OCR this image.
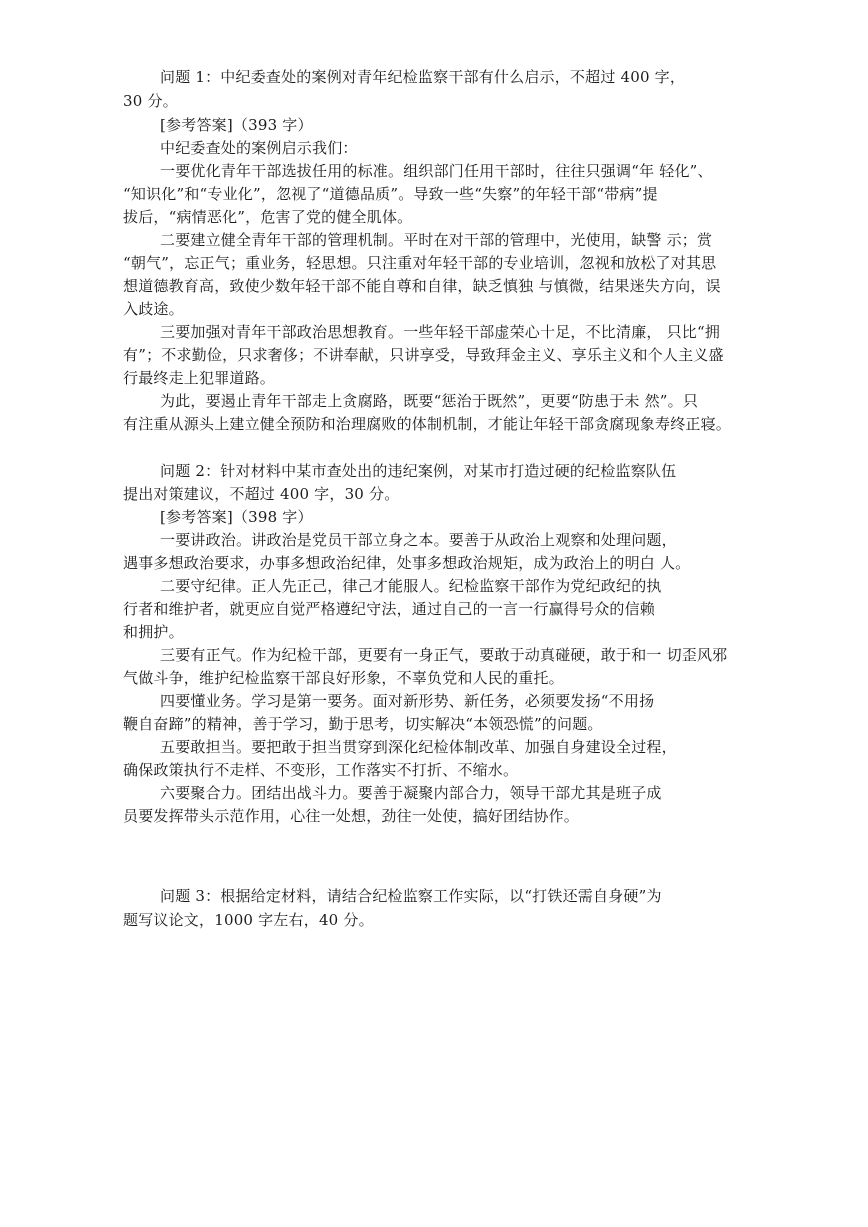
问题 1：中纪委查处的案例对青年纪检监察干部有什么启示，不超过 400 字，
30 分。
[参考答案]（393 字）
中纪委查处的案例启示我们：
一要优化青年干部选拔任用的标准。组织部门任用干部时，往往只强调“年 轻化”、
“知识化”和“专业化”，忽视了“道德品质”。导致一些“失察”的年轻干部“带病”提
拔后，“病情恶化”，危害了党的健全肌体。
二要建立健全青年干部的管理机制。平时在对干部的管理中，光使用，缺警 示；赏
“朝气”，忘正气；重业务，轻思想。只注重对年轻干部的专业培训，忽视和放松了对其思
想道德教育高，致使少数年轻干部不能自尊和自律，缺乏慎独 与慎微，结果迷失方向，误
入歧途。
三要加强对青年干部政治思想教育。一些年轻干部虚荣心十足，不比清廉， 只比“拥
有”；不求勤俭，只求奢侈；不讲奉献，只讲享受，导致拜金主义、享乐主义和个人主义盛
行最终走上犯罪道路。
为此，要遏止青年干部走上贪腐路，既要“惩治于既然”，更要“防患于未 然”。只
有注重从源头上建立健全预防和治理腐败的体制机制，才能让年轻干部贪腐现象寿终正寝。
问题 2：针对材料中某市查处出的违纪案例，对某市打造过硬的纪检监察队伍
提出对策建议，不超过 400 字，30 分。
[参考答案]（398 字）
一要讲政治。讲政治是党员干部立身之本。要善于从政治上观察和处理问题，
遇事多想政治要求，办事多想政治纪律，处事多想政治规矩，成为政治上的明白 人。
二要守纪律。正人先正己，律己才能服人。纪检监察干部作为党纪政纪的执
行者和维护者，就更应自觉严格遵纪守法，通过自己的一言一行赢得号众的信赖
和拥护。
三要有正气。作为纪检干部，更要有一身正气，要敢于动真碰硬，敢于和一 切歪风邪
气做斗争，维护纪检监察干部良好形象，不辜负党和人民的重托。
四要懂业务。学习是第一要务。面对新形势、新任务，必须要发扬“不用扬
鞭自奋蹄”的精神，善于学习，勤于思考，切实解决“本领恐慌”的问题。
五要敢担当。要把敢于担当贯穿到深化纪检体制改革、加强自身建设全过程，
确保政策执行不走样、不变形，工作落实不打折、不缩水。
六要聚合力。团结出战斗力。要善于凝聚内部合力，领导干部尤其是班子成
员要发挥带头示范作用，心往一处想，劲往一处使，搞好团结协作。
问题 3：根据给定材料，请结合纪检监察工作实际，以“打铁还需自身硬”为
题写议论文，1000 字左右，40 分。
